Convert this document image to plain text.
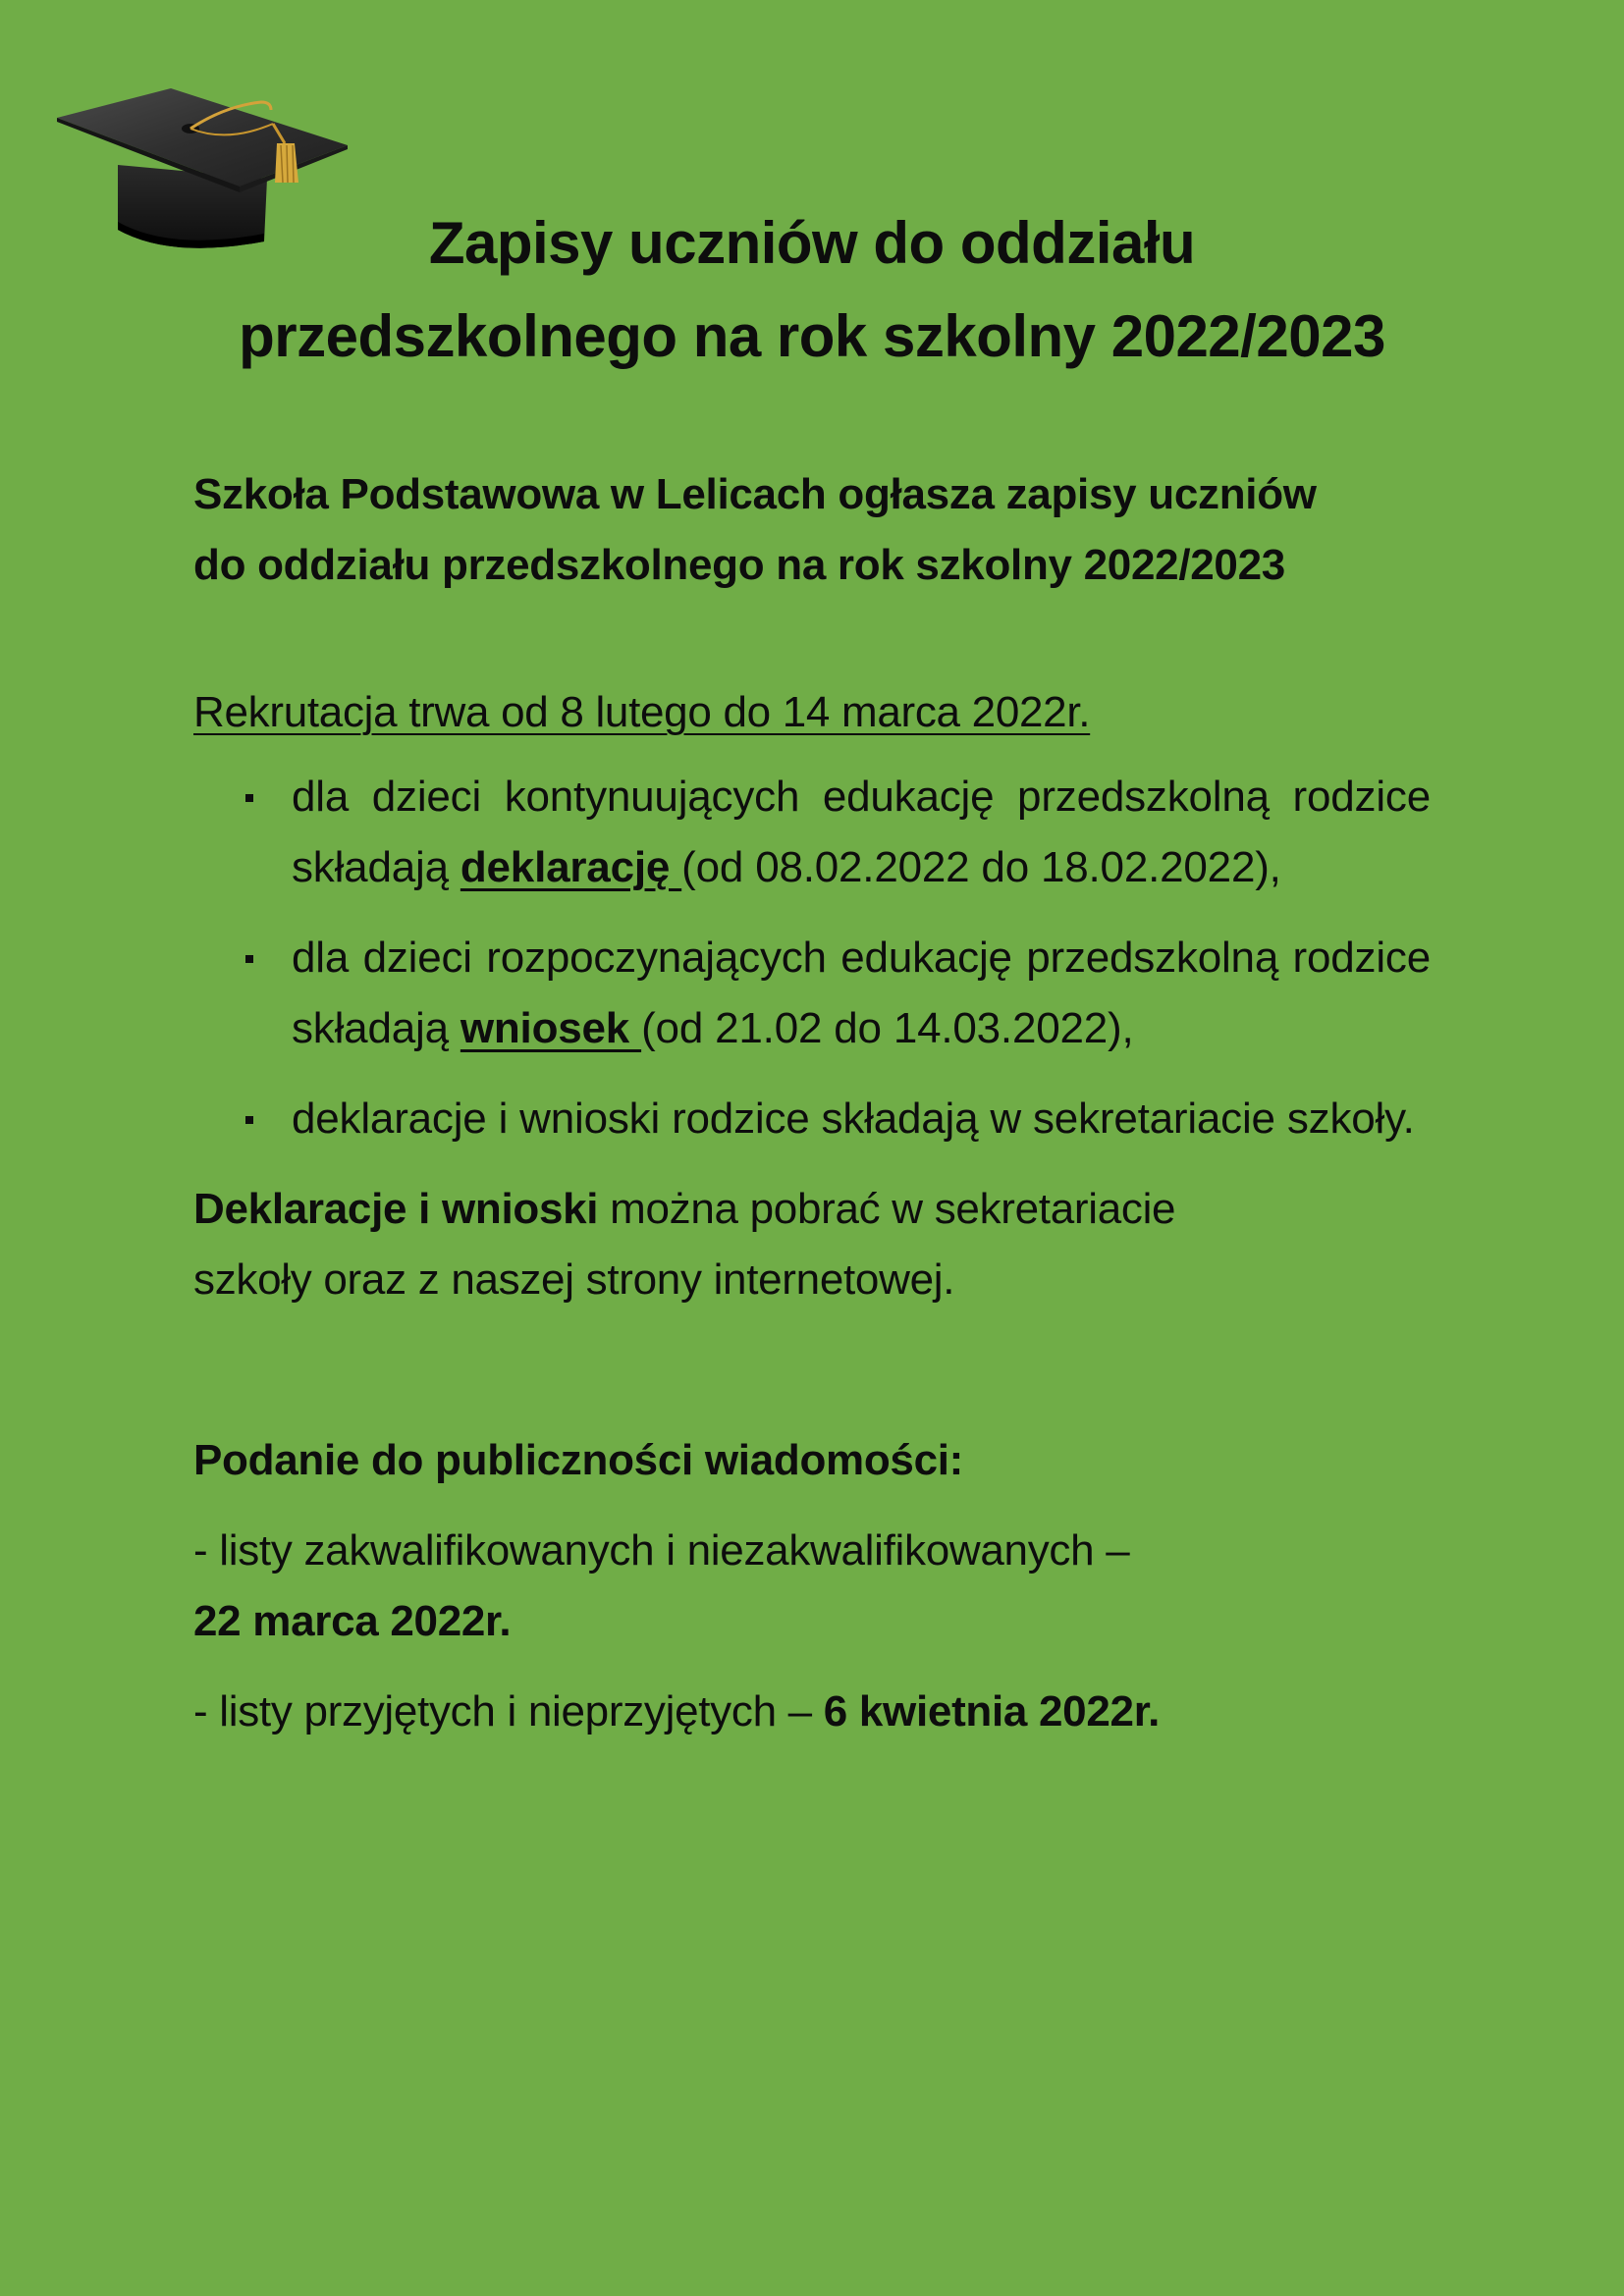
Zapisy uczniów do oddziału
przedszkolnego na rok szkolny 2022/2023

Szkoła Podstawowa w Lelicach ogłasza zapisy uczniów
do oddziału przedszkolnego na rok szkolny 2022/2023

Rekrutacja trwa od 8 lutego do 14 marca 2022r.

dla dzieci kontynuujących edukację przedszkolną rodzice składają deklarację (od 08.02.2022 do 18.02.2022),
dla dzieci rozpoczynających edukację przedszkolną rodzice składają wniosek (od 21.02 do 14.03.2022),
deklaracje i wnioski rodzice składają w sekretariacie szkoły.

Deklaracje i wnioski można pobrać w sekretariacie
szkoły oraz z naszej strony internetowej.

Podanie do publiczności wiadomości:

- listy zakwalifikowanych i niezakwalifikowanych –
22 marca 2022r.

- listy przyjętych i nieprzyjętych – 6 kwietnia 2022r.
